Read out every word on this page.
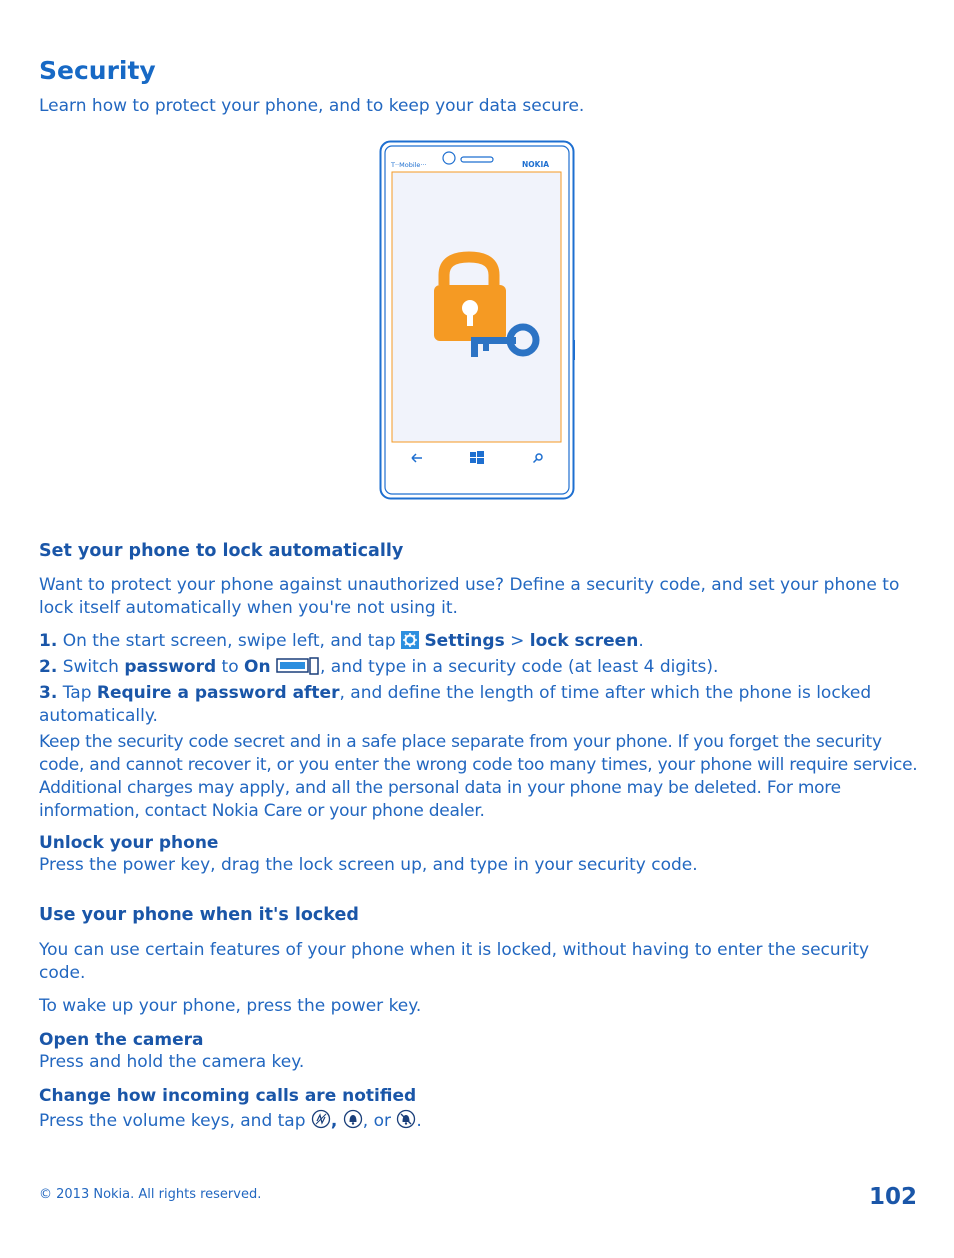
Security
Learn how to protect your phone, and to keep your data secure.
T··Mobile···	NOKIA
Set your phone to lock automatically

Want to protect your phone against unauthorized use? Define a security code, and set your phone to lock itself automatically when you're not using it.

1. On the start screen, swipe left, and tap  Settings > lock screen.

2. Switch password to On	, and type in a security code (at least 4 digits).

3. Tap Require a password after, and define the length of time after which the phone is locked automatically.

Keep the security code secret and in a safe place separate from your phone. If you forget the security code, and cannot recover it, or you enter the wrong code too many times, your phone will require service. Additional charges may apply, and all the personal data in your phone may be deleted. For more information, contact Nokia Care or your phone dealer.

Unlock your phone

Press the power key, drag the lock screen up, and type in your security code.

Use your phone when it's locked

You can use certain features of your phone when it is locked, without having to enter the security code.

To wake up your phone, press the power key.

Open the camera

Press and hold the camera key.

Change how incoming calls are notified

Press the volume keys, and tap , , or .

© 2013 Nokia. All rights reserved.	102
